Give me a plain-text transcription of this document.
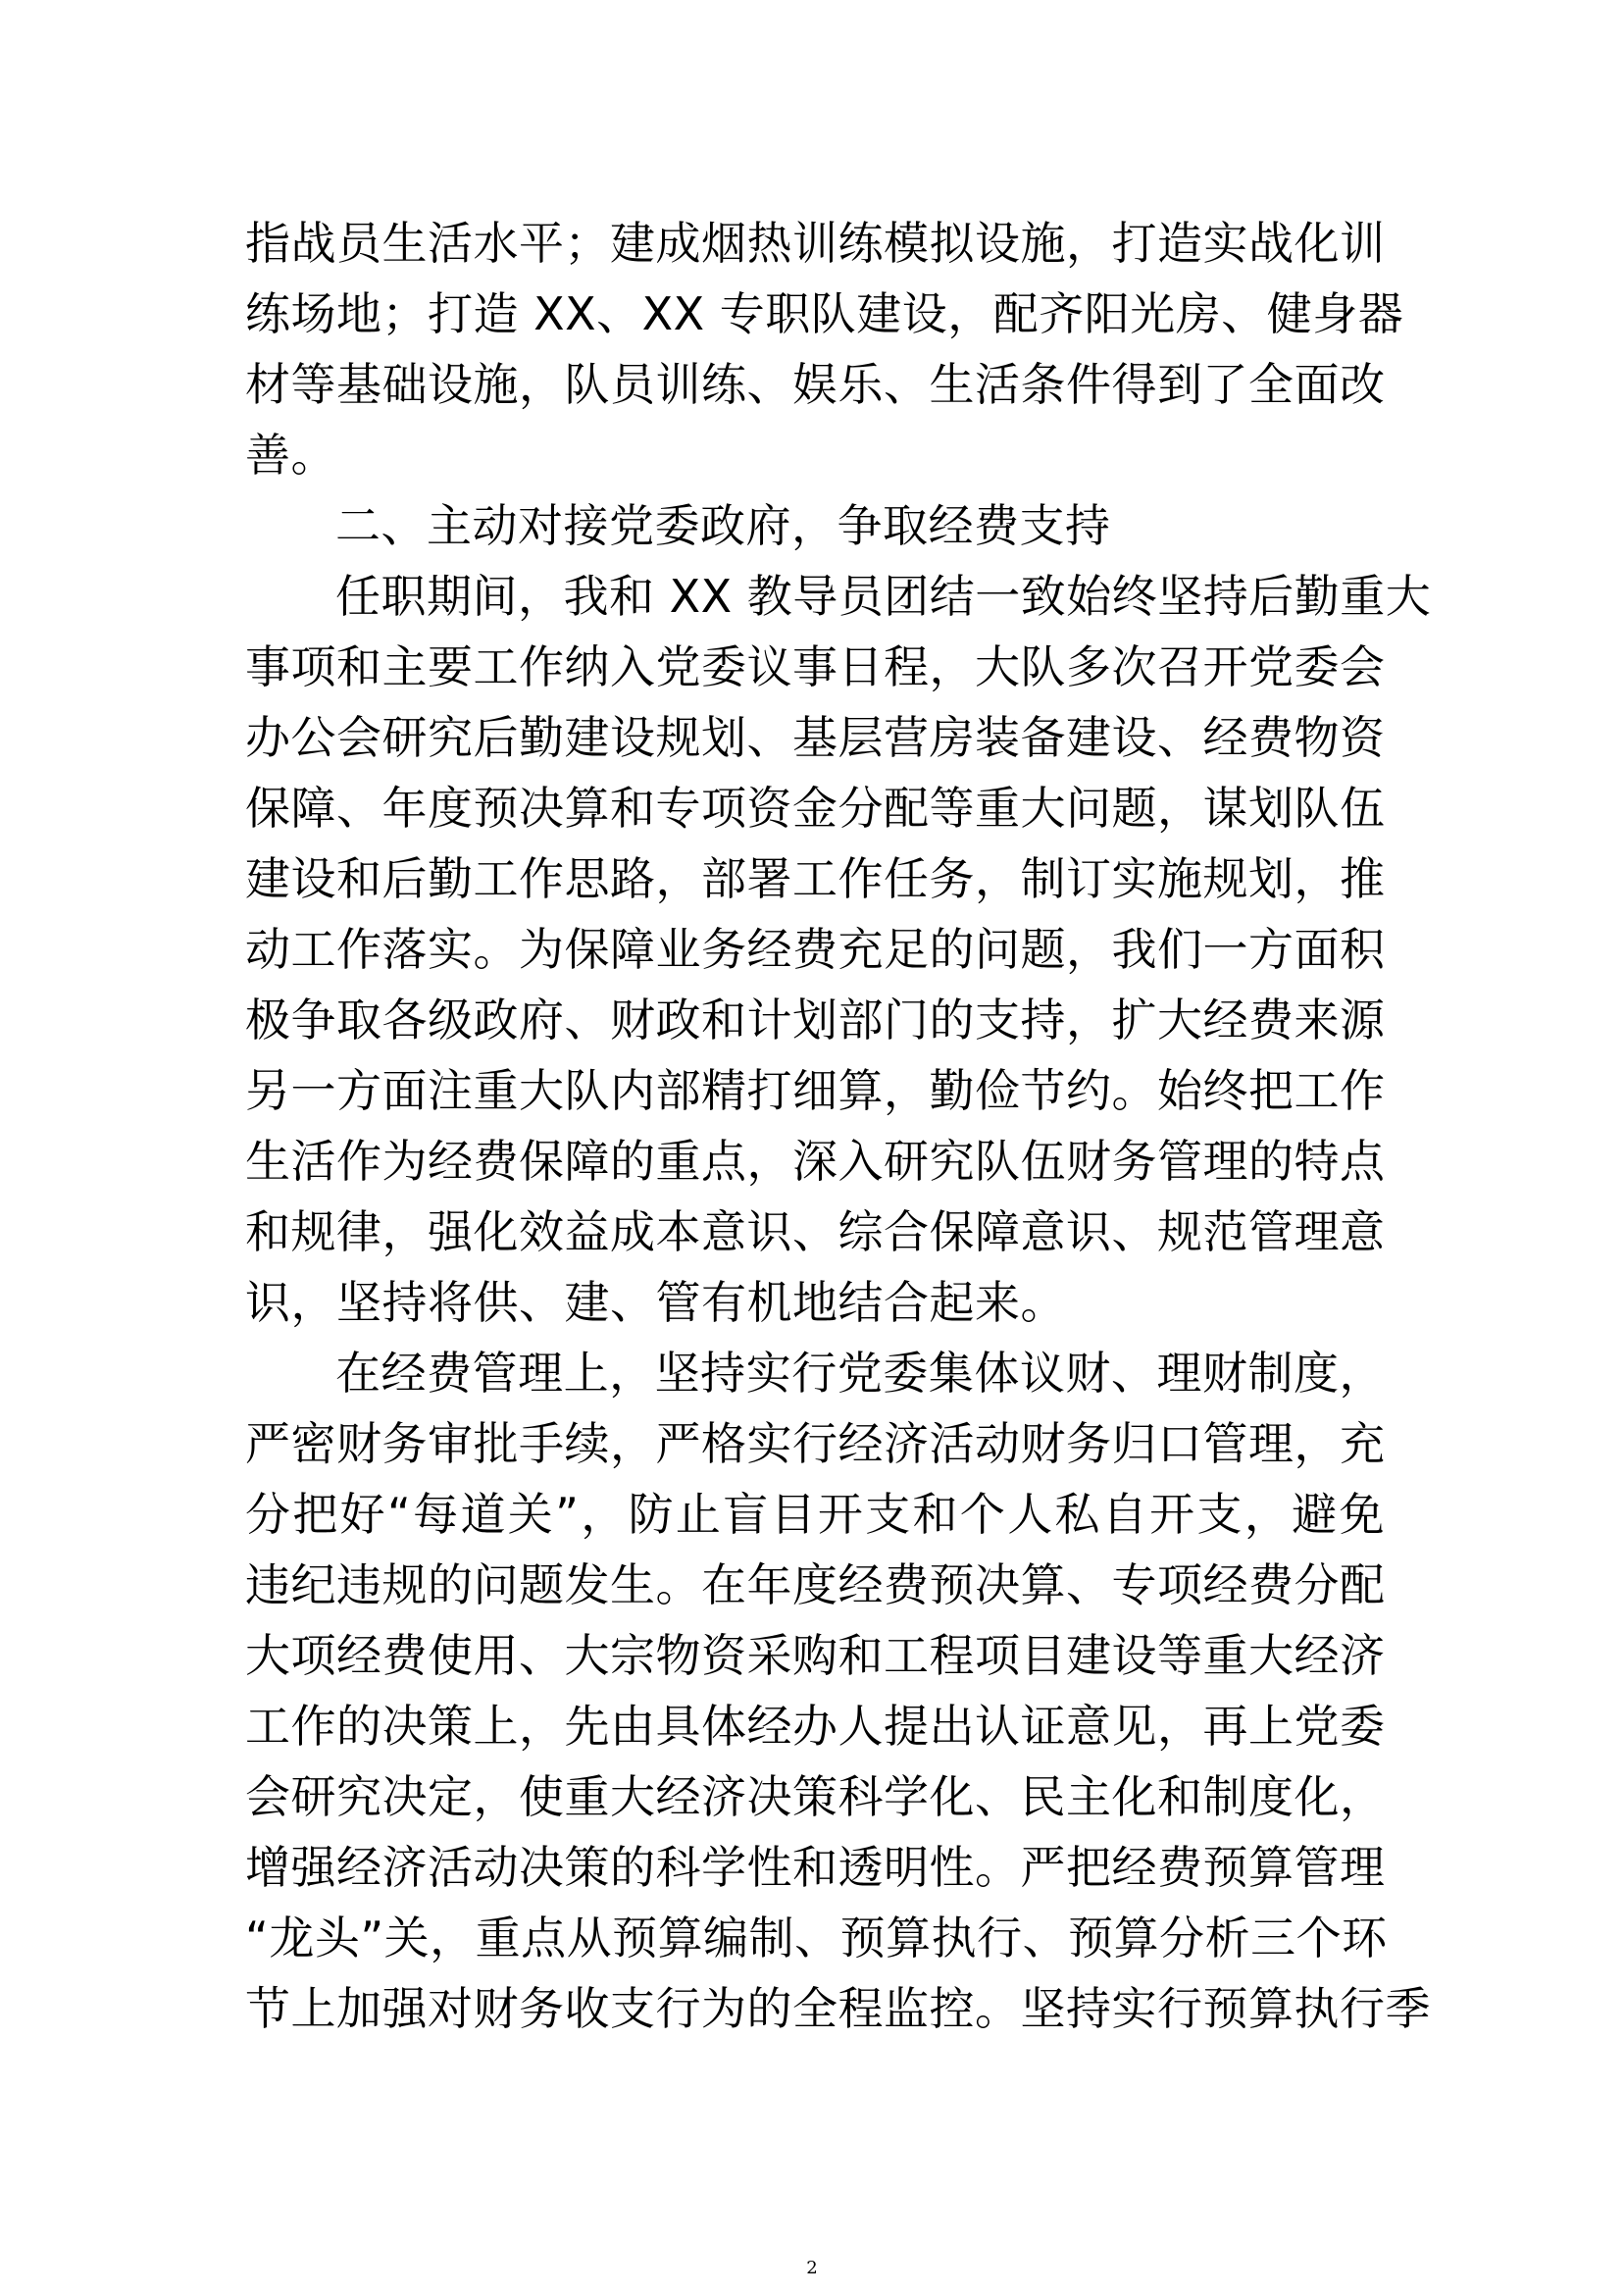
指战员生活水平；建成烟热训练模拟设施，打造实战化训
练场地；打造 XX、XX 专职队建设，配齐阳光房、健身器
材等基础设施，队员训练、娱乐、生活条件得到了全面改
善。
二、主动对接党委政府，争取经费支持
任职期间，我和 XX 教导员团结一致始终坚持后勤重大
事项和主要工作纳入党委议事日程，大队多次召开党委会
办公会研究后勤建设规划、基层营房装备建设、经费物资
保障、年度预决算和专项资金分配等重大问题，谋划队伍
建设和后勤工作思路，部署工作任务，制订实施规划，推
动工作落实。为保障业务经费充足的问题，我们一方面积
极争取各级政府、财政和计划部门的支持，扩大经费来源
另一方面注重大队内部精打细算，勤俭节约。始终把工作
生活作为经费保障的重点，深入研究队伍财务管理的特点
和规律，强化效益成本意识、综合保障意识、规范管理意
识，坚持将供、建、管有机地结合起来。
在经费管理上，坚持实行党委集体议财、理财制度，
严密财务审批手续，严格实行经济活动财务归口管理，充
分把好“每道关”，防止盲目开支和个人私自开支，避免
违纪违规的问题发生。在年度经费预决算、专项经费分配
大项经费使用、大宗物资采购和工程项目建设等重大经济
工作的决策上，先由具体经办人提出认证意见，再上党委
会研究决定，使重大经济决策科学化、民主化和制度化，
增强经济活动决策的科学性和透明性。严把经费预算管理
“龙头”关，重点从预算编制、预算执行、预算分析三个环
节上加强对财务收支行为的全程监控。坚持实行预算执行季
2
